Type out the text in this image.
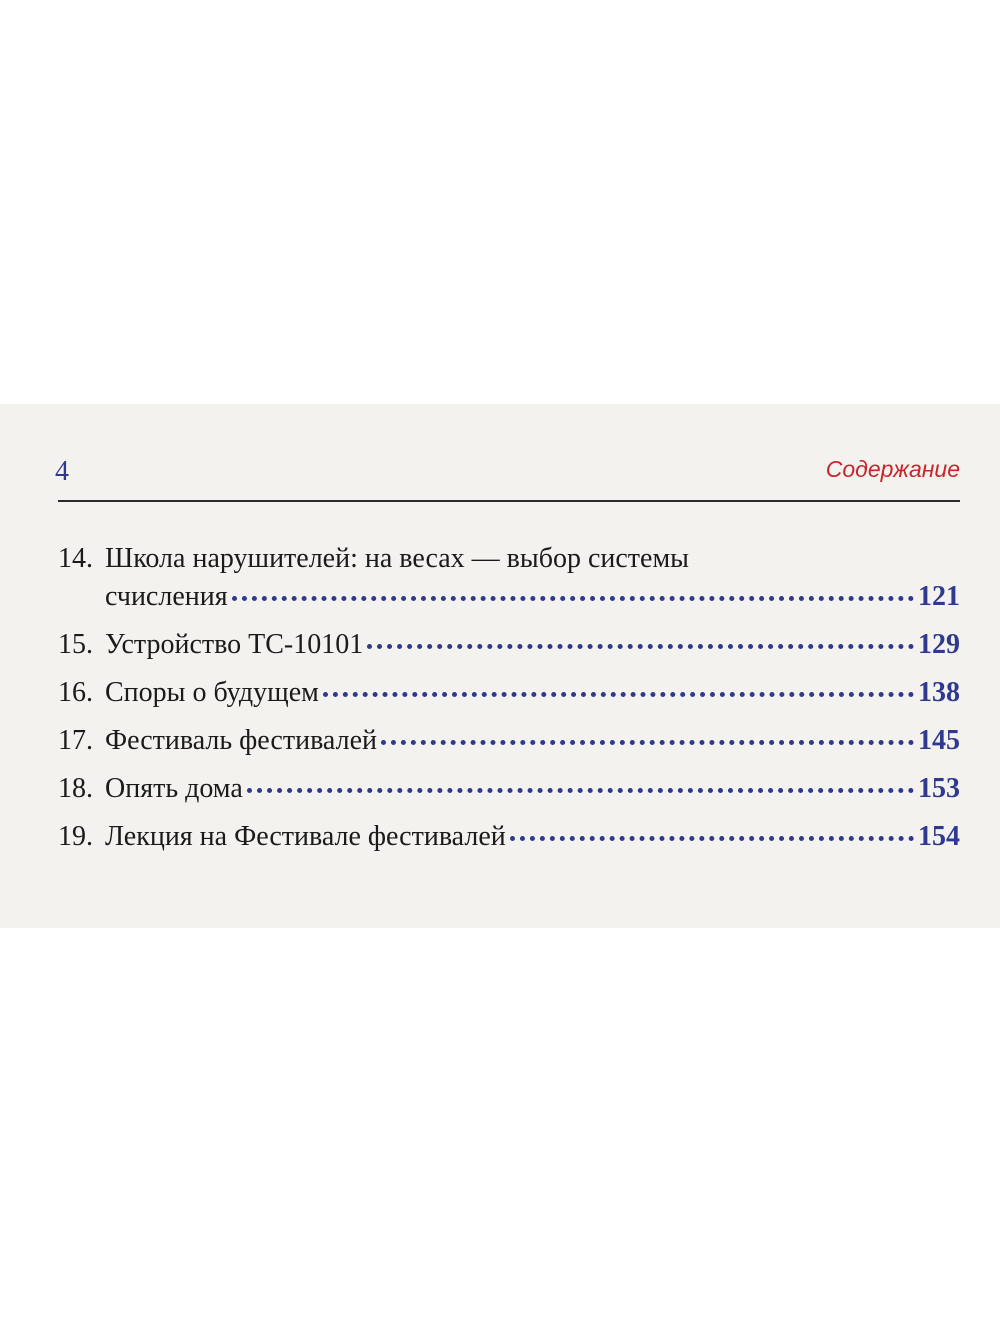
4	Содержание
14. Школа нарушителей: на весах — выбор системы
счисления	121
15. Устройство ТС-10101	129
16. Споры о будущем	138
17. Фестиваль фестивалей	145
18. Опять дома	153
19. Лекция на Фестивале фестивалей	154
